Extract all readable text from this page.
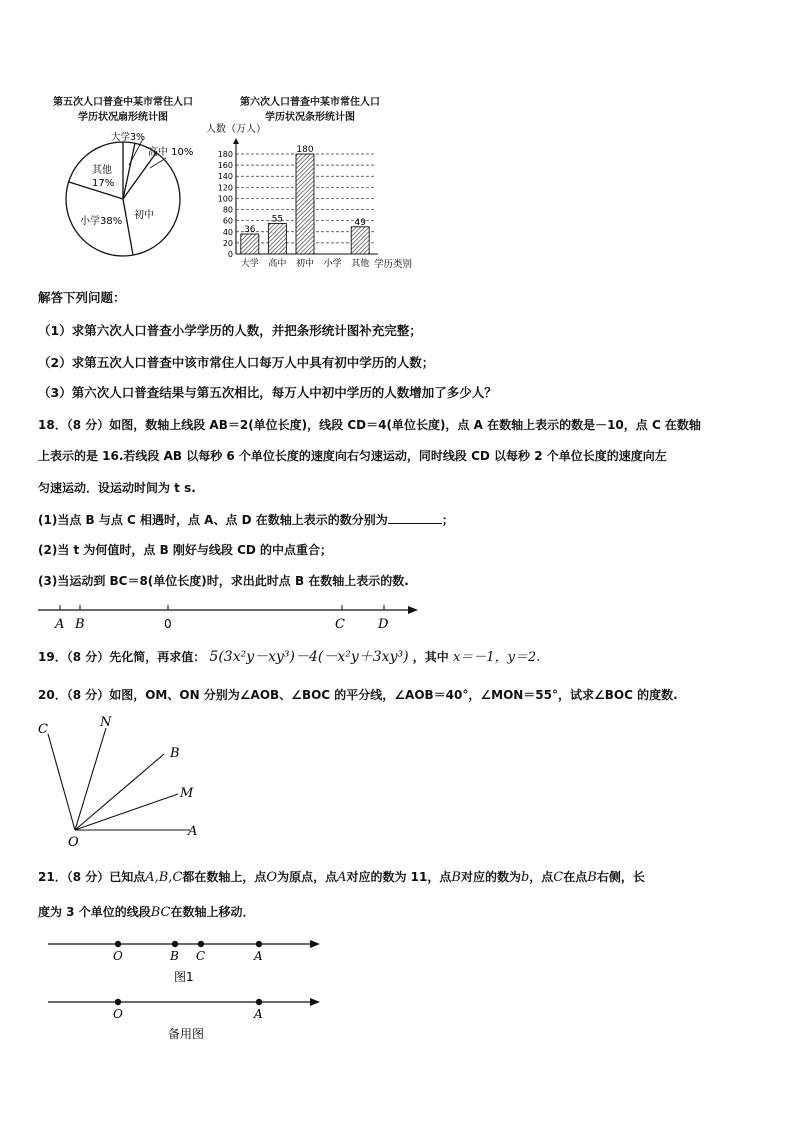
第五次人口普查中某市常住人口
学历状况扇形统计图
大学3%
高中 10%
其他
17%
小学38%
初中
第六次人口普查中某市常住人口
学历状况条形统计图
0
20
40
60
80
100
120
140
160
180
大学 高中 初中 小学 其他
36
55
180
49
人数（万人）
学历类别
解答下列问题：
（1）求第六次人口普查小学学历的人数，并把条形统计图补充完整；
（2）求第五次人口普查中该市常住人口每万人中具有初中学历的人数；
（3）第六次人口普查结果与第五次相比，每万人中初中学历的人数增加了多少人？
18．（8 分）如图，数轴上线段 AB＝2(单位长度)，线段 CD＝4(单位长度)，点 A 在数轴上表示的数是－10，点 C 在数轴
上表示的是 16.若线段 AB 以每秒 6 个单位长度的速度向右匀速运动，同时线段 CD 以每秒 2 个单位长度的速度向左
匀速运动．设运动时间为 t s.
(1)当点 B 与点 C 相遇时，点 A、点 D 在数轴上表示的数分别为	；
(2)当 t 为何值时，点 B 刚好与线段 CD 的中点重合；
(3)当运动到 BC＝8(单位长度)时，求出此时点 B 在数轴上表示的数.
A B	0	C	D
19．（8 分）先化简，再求值： 5(3x²y－xy³)－4(－x²y＋3xy³) ，其中 x＝－1，y＝2.
20．（8 分）如图，OM、ON 分别为∠AOB、∠BOC 的平分线，∠AOB＝40°，∠MON＝55°，试求∠BOC 的度数.
C	N
B
M
O
A
21．（8 分）已知点A,B,C都在数轴上，点O为原点，点A对应的数为 11，点B对应的数为b，点C在点B右侧，长
度为 3 个单位的线段BC在数轴上移动．
O	B C	A
图1
O	A
备用图
